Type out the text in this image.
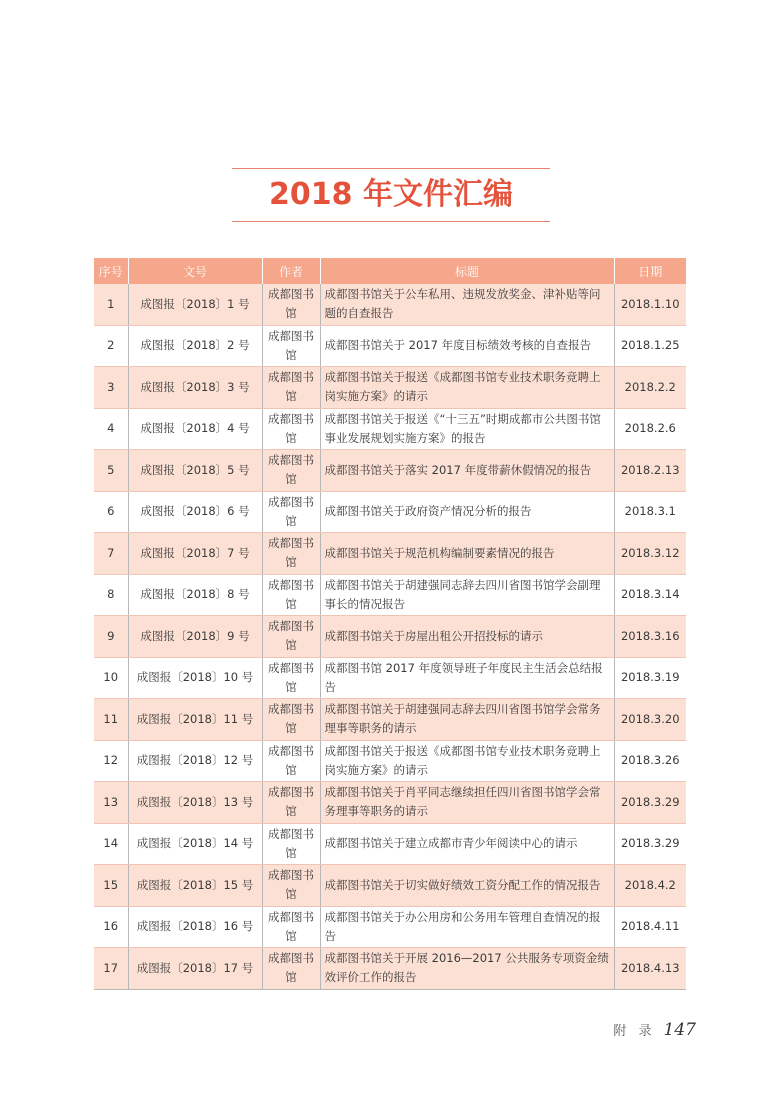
2018 年文件汇编
序号	文号	作者	标题	日期
1	成图报〔2018〕1 号	成都图书馆	成都图书馆关于公车私用、违规发放奖金、津补贴等问题的自查报告	2018.1.10
2	成图报〔2018〕2 号	成都图书馆	成都图书馆关于 2017 年度目标绩效考核的自查报告	2018.1.25
3	成图报〔2018〕3 号	成都图书馆	成都图书馆关于报送《成都图书馆专业技术职务竞聘上岗实施方案》的请示	2018.2.2
4	成图报〔2018〕4 号	成都图书馆	成都图书馆关于报送《“十三五”时期成都市公共图书馆事业发展规划实施方案》的报告	2018.2.6
5	成图报〔2018〕5 号	成都图书馆	成都图书馆关于落实 2017 年度带薪休假情况的报告	2018.2.13
6	成图报〔2018〕6 号	成都图书馆	成都图书馆关于政府资产情况分析的报告	2018.3.1
7	成图报〔2018〕7 号	成都图书馆	成都图书馆关于规范机构编制要素情况的报告	2018.3.12
8	成图报〔2018〕8 号	成都图书馆	成都图书馆关于胡建强同志辞去四川省图书馆学会副理事长的情况报告	2018.3.14
9	成图报〔2018〕9 号	成都图书馆	成都图书馆关于房屋出租公开招投标的请示	2018.3.16
10	成图报〔2018〕10 号	成都图书馆	成都图书馆 2017 年度领导班子年度民主生活会总结报告	2018.3.19
11	成图报〔2018〕11 号	成都图书馆	成都图书馆关于胡建强同志辞去四川省图书馆学会常务理事等职务的请示	2018.3.20
12	成图报〔2018〕12 号	成都图书馆	成都图书馆关于报送《成都图书馆专业技术职务竞聘上岗实施方案》的请示	2018.3.26
13	成图报〔2018〕13 号	成都图书馆	成都图书馆关于肖平同志继续担任四川省图书馆学会常务理事等职务的请示	2018.3.29
14	成图报〔2018〕14 号	成都图书馆	成都图书馆关于建立成都市青少年阅读中心的请示	2018.3.29
15	成图报〔2018〕15 号	成都图书馆	成都图书馆关于切实做好绩效工资分配工作的情况报告	2018.4.2
16	成图报〔2018〕16 号	成都图书馆	成都图书馆关于办公用房和公务用车管理自查情况的报告	2018.4.11
17	成图报〔2018〕17 号	成都图书馆	成都图书馆关于开展 2016—2017 公共服务专项资金绩效评价工作的报告	2018.4.13
附 录 147
